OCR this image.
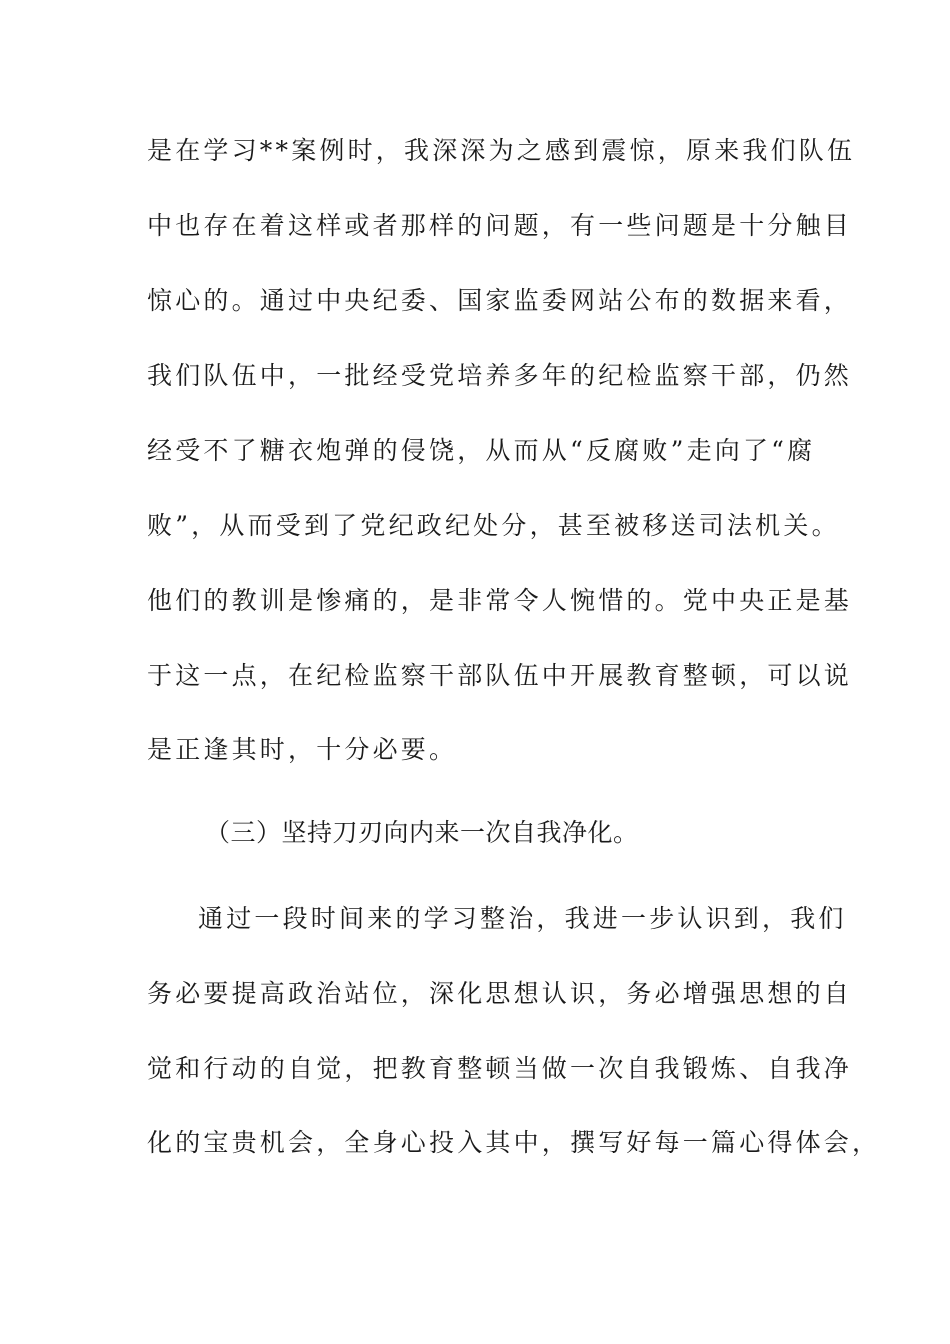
是在学习**案例时，我深深为之感到震惊，原来我们队伍
中也存在着这样或者那样的问题，有一些问题是十分触目
惊心的。通过中央纪委、国家监委网站公布的数据来看，
我们队伍中，一批经受党培养多年的纪检监察干部，仍然
经受不了糖衣炮弹的侵饶，从而从“反腐败”走向了“腐
败”，从而受到了党纪政纪处分，甚至被移送司法机关。
他们的教训是惨痛的，是非常令人惋惜的。党中央正是基
于这一点，在纪检监察干部队伍中开展教育整顿，可以说
是正逢其时，十分必要。
（三）坚持刀刃向内来一次自我净化。
通过一段时间来的学习整治，我进一步认识到，我们
务必要提高政治站位，深化思想认识，务必增强思想的自
觉和行动的自觉，把教育整顿当做一次自我锻炼、自我净
化的宝贵机会，全身心投入其中，撰写好每一篇心得体会，
